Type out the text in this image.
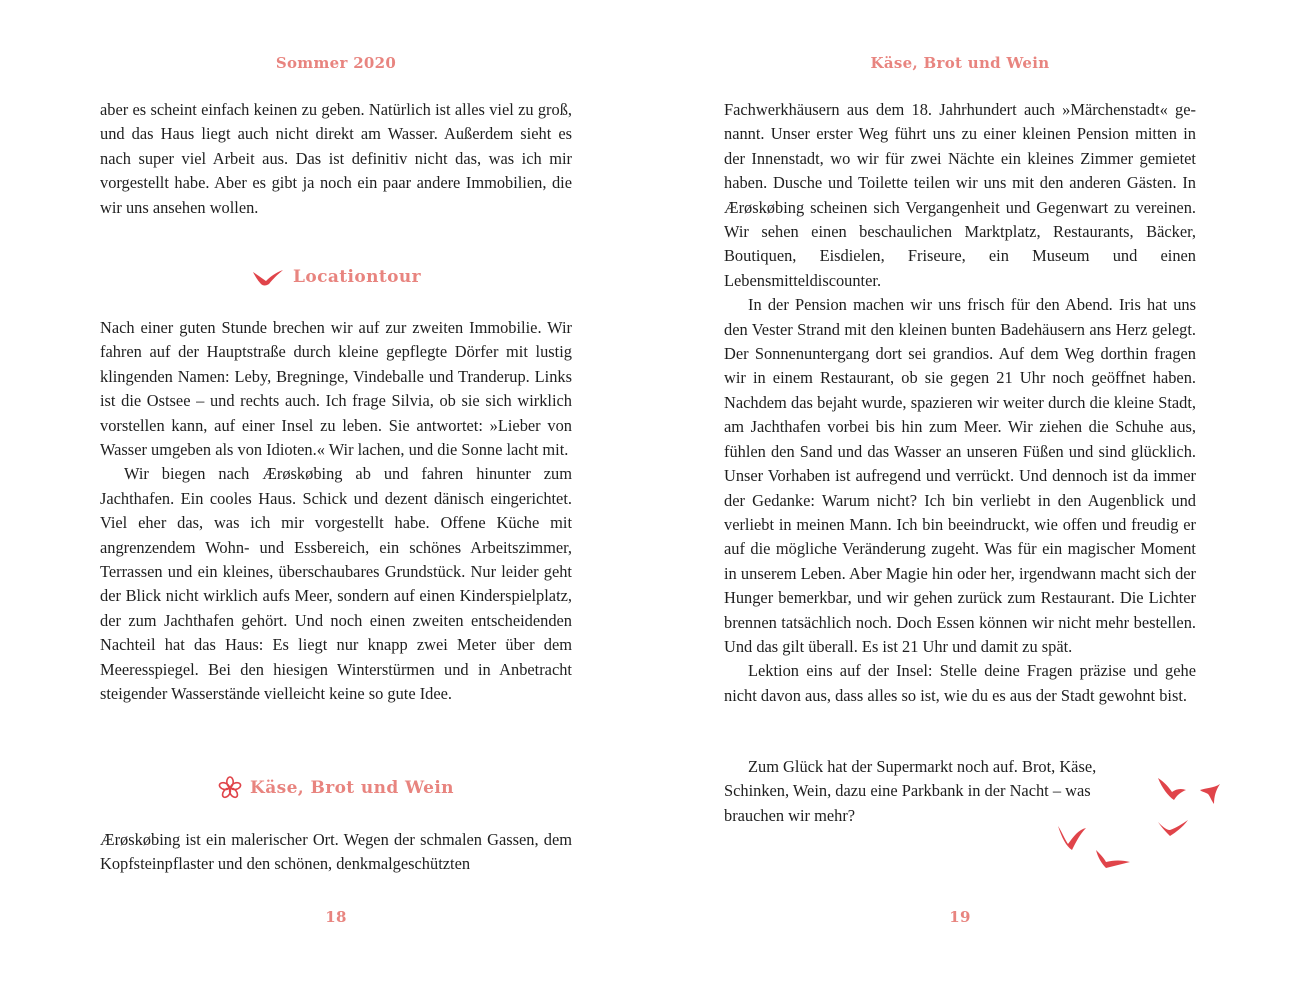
Sommer 2020

aber es scheint einfach keinen zu geben. Natürlich ist alles viel zu groß, und das Haus liegt auch nicht direkt am Wasser. Außerdem sieht es nach super viel Arbeit aus. Das ist definitiv nicht das, was ich mir vorgestellt habe. Aber es gibt ja noch ein paar andere Immobilien, die wir uns ansehen wollen.

Locationtour

Nach einer guten Stunde brechen wir auf zur zweiten Immobilie. Wir fahren auf der Hauptstraße durch kleine gepflegte Dörfer mit lustig klingenden Namen: Leby, Bregninge, Vindeballe und Tranderup. Links ist die Ostsee – und rechts auch. Ich frage Silvia, ob sie sich wirklich vorstellen kann, auf einer Insel zu leben. Sie antwortet: »Lieber von Wasser umgeben als von Idioten.« Wir lachen, und die Sonne lacht mit.

Wir biegen nach Ærøskøbing ab und fahren hinunter zum Jachthafen. Ein cooles Haus. Schick und dezent dänisch eingerichtet. Viel eher das, was ich mir vorgestellt habe. Offene Küche mit angrenzendem Wohn- und Essbereich, ein schönes Arbeitszimmer, Terrassen und ein kleines, überschaubares Grundstück. Nur leider geht der Blick nicht wirklich aufs Meer, sondern auf einen Kinderspielplatz, der zum Jachthafen gehört. Und noch einen zweiten entscheidenden Nachteil hat das Haus: Es liegt nur knapp zwei Meter über dem Meeresspiegel. Bei den hiesigen Winterstürmen und in Anbetracht steigender Wasserstände vielleicht keine so gute Idee.

Käse, Brot und Wein

Ærøskøbing ist ein malerischer Ort. Wegen der schmalen Gassen, dem Kopfsteinpflaster und den schönen, denkmalgeschützten

18
Käse, Brot und Wein

Fachwerkhäusern aus dem 18. Jahrhundert auch »Märchenstadt« genannt. Unser erster Weg führt uns zu einer kleinen Pension mitten in der Innenstadt, wo wir für zwei Nächte ein kleines Zimmer gemietet haben. Dusche und Toilette teilen wir uns mit den anderen Gästen. In Ærøskøbing scheinen sich Vergangenheit und Gegenwart zu vereinen. Wir sehen einen beschaulichen Marktplatz, Restaurants, Bäcker, Boutiquen, Eisdielen, Friseure, ein Museum und einen Lebensmitteldiscounter.

In der Pension machen wir uns frisch für den Abend. Iris hat uns den Vester Strand mit den kleinen bunten Badehäusern ans Herz gelegt. Der Sonnenuntergang dort sei grandios. Auf dem Weg dorthin fragen wir in einem Restaurant, ob sie gegen 21 Uhr noch geöffnet haben. Nachdem das bejaht wurde, spazieren wir weiter durch die kleine Stadt, am Jachthafen vorbei bis hin zum Meer. Wir ziehen die Schuhe aus, fühlen den Sand und das Wasser an unseren Füßen und sind glücklich. Unser Vorhaben ist aufregend und verrückt. Und dennoch ist da immer der Gedanke: Warum nicht? Ich bin verliebt in den Augenblick und verliebt in meinen Mann. Ich bin beeindruckt, wie offen und freudig er auf die mögliche Veränderung zugeht. Was für ein magischer Moment in unserem Leben. Aber Magie hin oder her, irgendwann macht sich der Hunger bemerkbar, und wir gehen zurück zum Restaurant. Die Lichter brennen tatsächlich noch. Doch Essen können wir nicht mehr bestellen. Und das gilt überall. Es ist 21 Uhr und damit zu spät.

Lektion eins auf der Insel: Stelle deine Fragen präzise und gehe nicht davon aus, dass alles so ist, wie du es aus der Stadt gewohnt bist.

Zum Glück hat der Supermarkt noch auf. Brot, Käse, Schinken, Wein, dazu eine Parkbank in der Nacht – was brauchen wir mehr?

19
